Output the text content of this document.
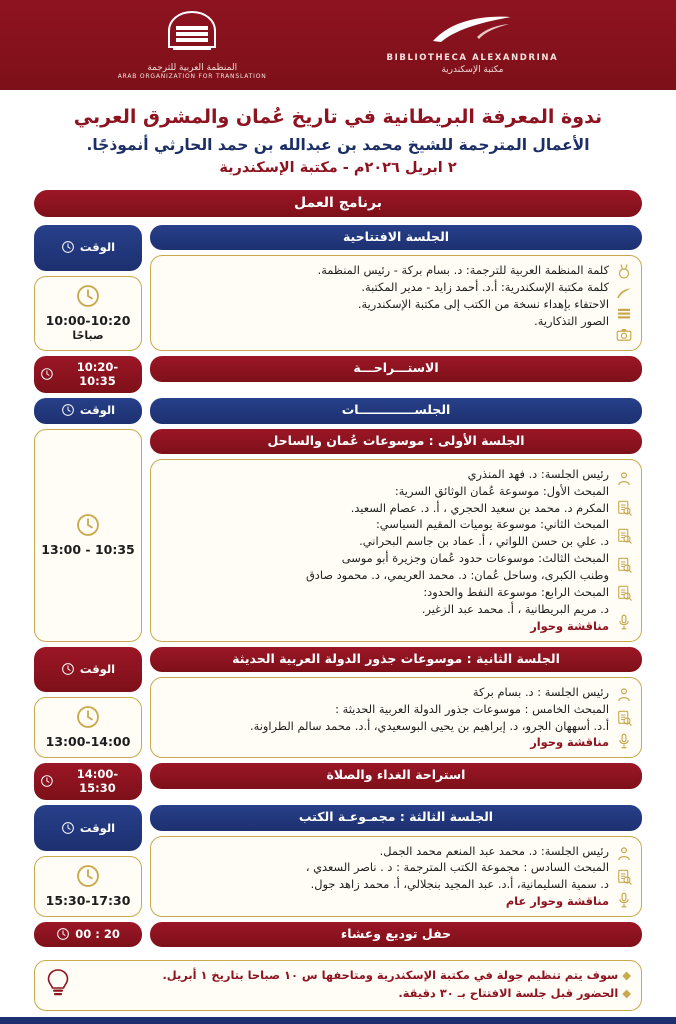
BIBLIOTHECA ALEXANDRINA
مكتبة الإسكندرية
المنظمة العربية للترجمة
ARAB ORGANIZATION FOR TRANSLATION
ندوة المعرفة البريطانية في تاريخ عُمان والمشرق العربي
الأعمال المترجمة للشيخ محمد بن عبدالله بن حمد الحارثي أنموذجًا.
٢ ابريل ٢٠٢٦م - مكتبة الإسكندرية
برنامج العمل
الجلسة الافتتاحية
كلمة المنظمة العربية للترجمة: د. بسام بركة - رئيس المنظمة.
كلمة مكتبة الإسكندرية: أ.د. أحمد زايد - مدير المكتبة.
الاحتفاء بإهداء نسخة من الكتب إلى مكتبة الإسكندرية.
الصور التذكارية.
الوقت
10:00-10:20
صباحًا
الاستـــراحـــة
10:20-10:35
الجلســـــــــــــات
الوقت
الجلسة الأولى : موسوعات عُمان والساحل
رئيس الجلسة: د. فهد المنذري
المبحث الأول: موسوعة عُمان الوثائق السرية:
المكرم د. محمد بن سعيد الحجري ، أ. د. عصام السعيد.
المبحث الثاني: موسوعة يوميات المقيم السياسي:
د. علي بن حسن اللواتي ، أ. عماد بن جاسم البحراني.
المبحث الثالث: موسوعات حدود عُمان وجزيرة أبو موسى
وطنب الكبرى، وساحل عُمان: د. محمد العريمي، د. محمود صادق
المبحث الرابع: موسوعة النفط والحدود:
د. مريم البريطانية ، أ. محمد عبد الزغير.
مناقشة وحوار
10:35 - 13:00
الجلسة الثانية : موسوعات جذور الدولة العربية الحديثة
رئيس الجلسة : د. بسام بركة
المبحث الخامس : موسوعات جذور الدولة العربية الحديثة :
أ.د. أسههان الجرو، د. إبراهيم بن يحيى البوسعيدي، أ.د. محمد سالم الطراونة.
مناقشة وحوار
الوقت
13:00-14:00
استراحة الغداء والصلاة
14:00-15:30
الجلسة الثالثة : مجمـوعـة الكتب
رئيس الجلسة: د. محمد عبد المنعم محمد الجمل.
المبحث السادس : مجموعة الكتب المترجمة : د . ناصر السعدي ،
د. سمية السليمانية، أ.د. عبد المجيد بنجلالي، أ. محمد زاهد جول.
مناقشة وحوار عام
الوقت
15:30-17:30
حفل توديع وعشاء
20 : 00
◆سوف يتم تنظيم جولة في مكتبة الإسكندرية ومتاحفها س ١٠ صباحا بتاريخ ١ أبريل.
◆الحضور قبل جلسة الافتتاح بـ ٣٠ دقيقة.
